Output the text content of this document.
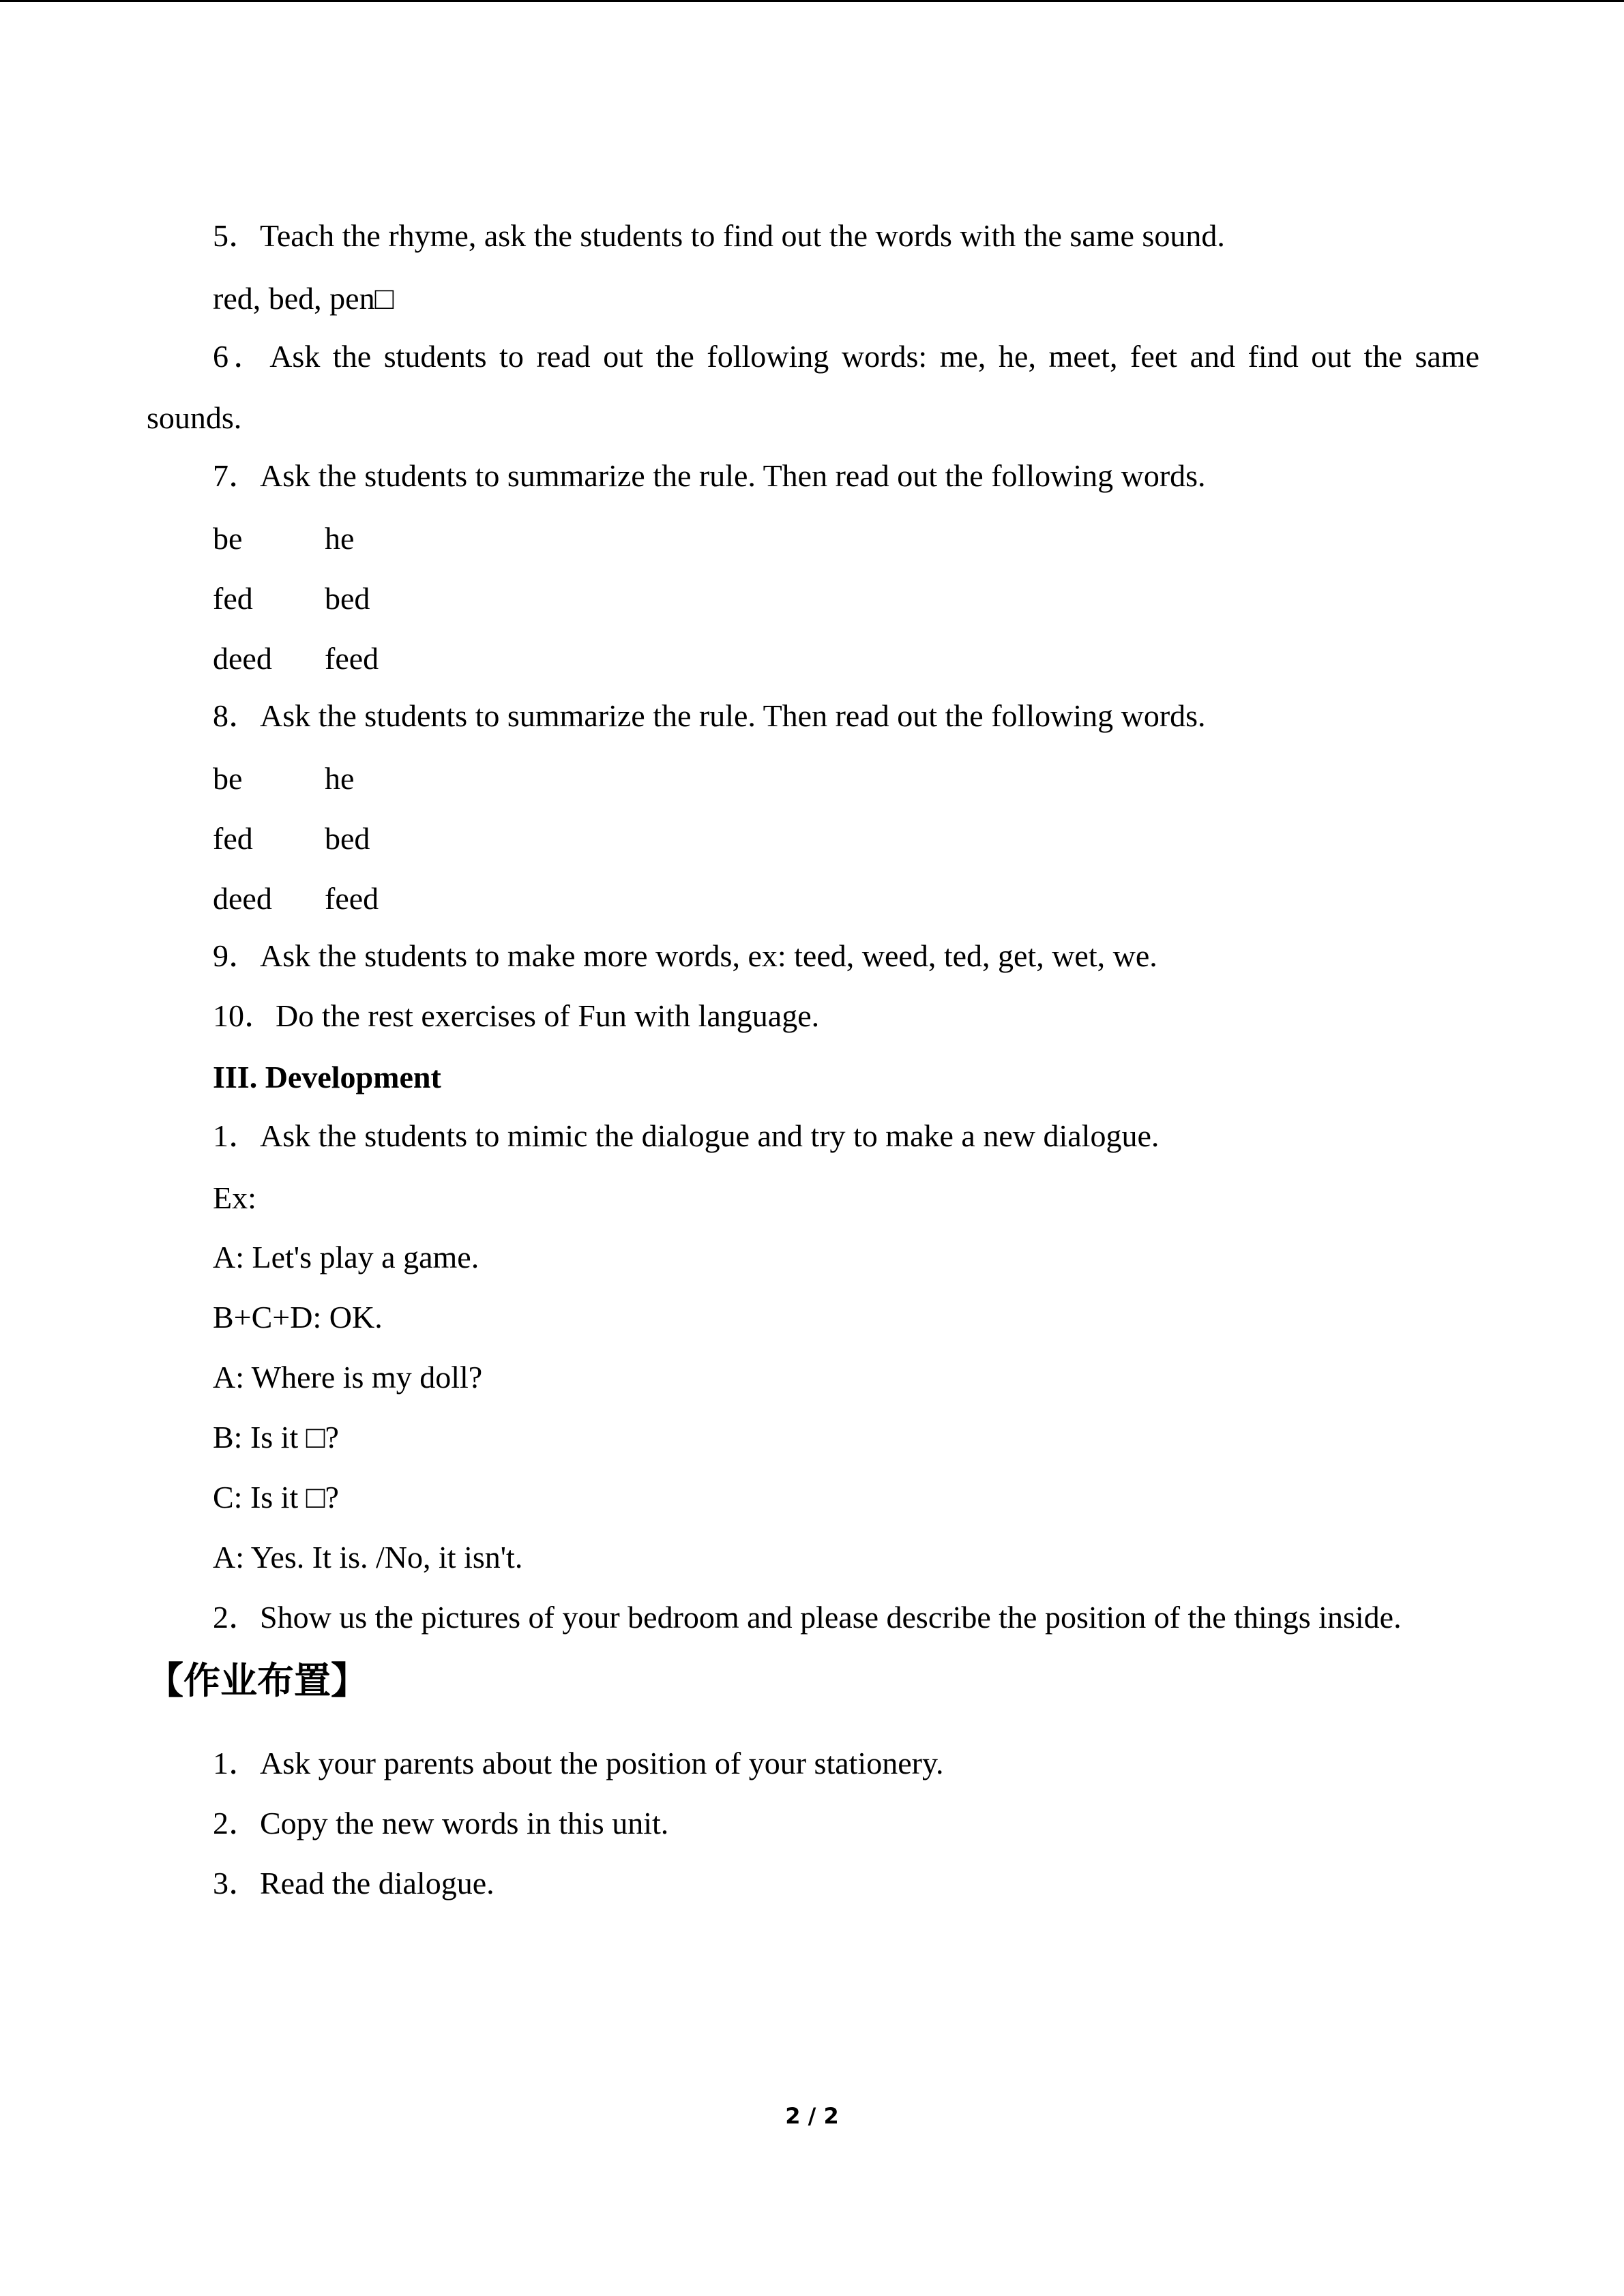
5．Teach the rhyme, ask the students to find out the words with the same sound.
red, bed, pen□
6．Ask the students to read out the following words: me, he, meet, feet and find out the same
sounds.
7．Ask the students to summarize the rule. Then read out the following words.
be	he
fed bed
deed feed
8．Ask the students to summarize the rule. Then read out the following words.
be	he
fed bed
deed feed
9．Ask the students to make more words, ex: teed, weed, ted, get, wet, we.
10．Do the rest exercises of Fun with language.
III. Development
1．Ask the students to mimic the dialogue and try to make a new dialogue.
Ex:
A: Let's play a game.
B+C+D: OK.
A: Where is my doll?
B: Is it □?
C: Is it □?
A: Yes. It is. /No, it isn't.
2．Show us the pictures of your bedroom and please describe the position of the things inside.
【作业布置】
1．Ask your parents about the position of your stationery.
2．Copy the new words in this unit.
3．Read the dialogue.
2 / 2
